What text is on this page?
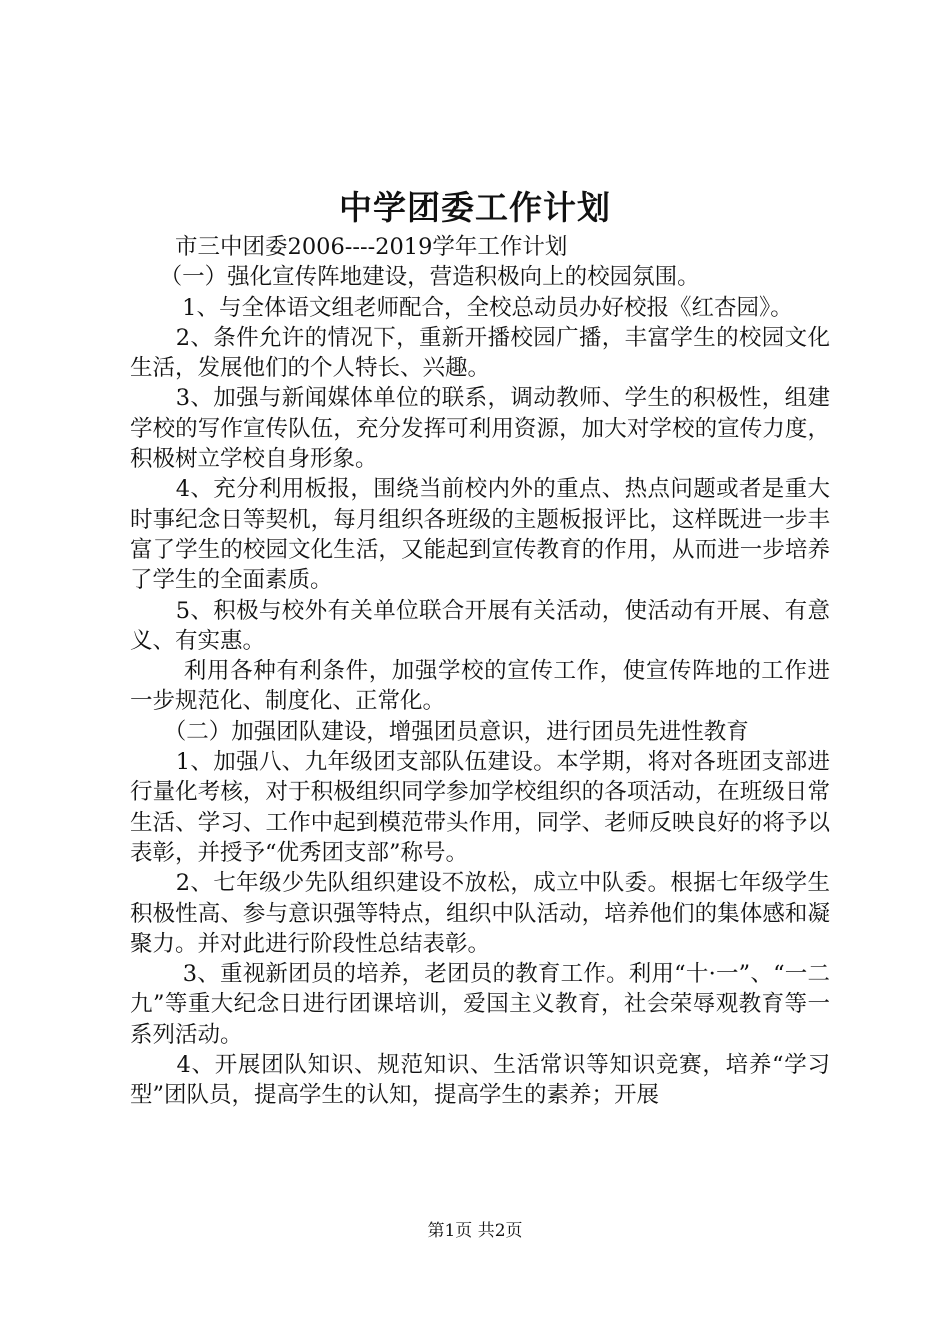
中学团委工作计划

　　市三中团委2006----2019学年工作计划

　 （一）强化宣传阵地建设，营造积极向上的校园氛围。

　　 1、与全体语文组老师配合，全校总动员办好校报《红杏园》。

　　2、条件允许的情况下，重新开播校园广播，丰富学生的校园文化生活，发展他们的个人特长、兴趣。

　　3、加强与新闻媒体单位的联系，调动教师、学生的积极性，组建学校的写作宣传队伍，充分发挥可利用资源，加大对学校的宣传力度，积极树立学校自身形象。

　　4、充分利用板报，围绕当前校内外的重点、热点问题或者是重大时事纪念日等契机，每月组织各班级的主题板报评比，这样既进一步丰富了学生的校园文化生活，又能起到宣传教育的作用，从而进一步培养了学生的全面素质。

　　5、积极与校外有关单位联合开展有关活动，使活动有开展、有意义、有实惠。

　　 利用各种有利条件，加强学校的宣传工作，使宣传阵地的工作进一步规范化、制度化、正常化。

　　（二）加强团队建设，增强团员意识，进行团员先进性教育

　　1、加强八、九年级团支部队伍建设。本学期，将对各班团支部进行量化考核，对于积极组织同学参加学校组织的各项活动，在班级日常生活、学习、工作中起到模范带头作用，同学、老师反映良好的将予以表彰，并授予“优秀团支部”称号。

　　2、七年级少先队组织建设不放松，成立中队委。根据七年级学生积极性高、参与意识强等特点，组织中队活动，培养他们的集体感和凝聚力。并对此进行阶段性总结表彰。

　　 3、重视新团员的培养，老团员的教育工作。利用“十·一”、“一二九”等重大纪念日进行团课培训，爱国主义教育，社会荣辱观教育等一系列活动。

　　4、开展团队知识、规范知识、生活常识等知识竞赛，培养“学习型”团队员，提高学生的认知，提高学生的素养；开展

第1页 共2页
